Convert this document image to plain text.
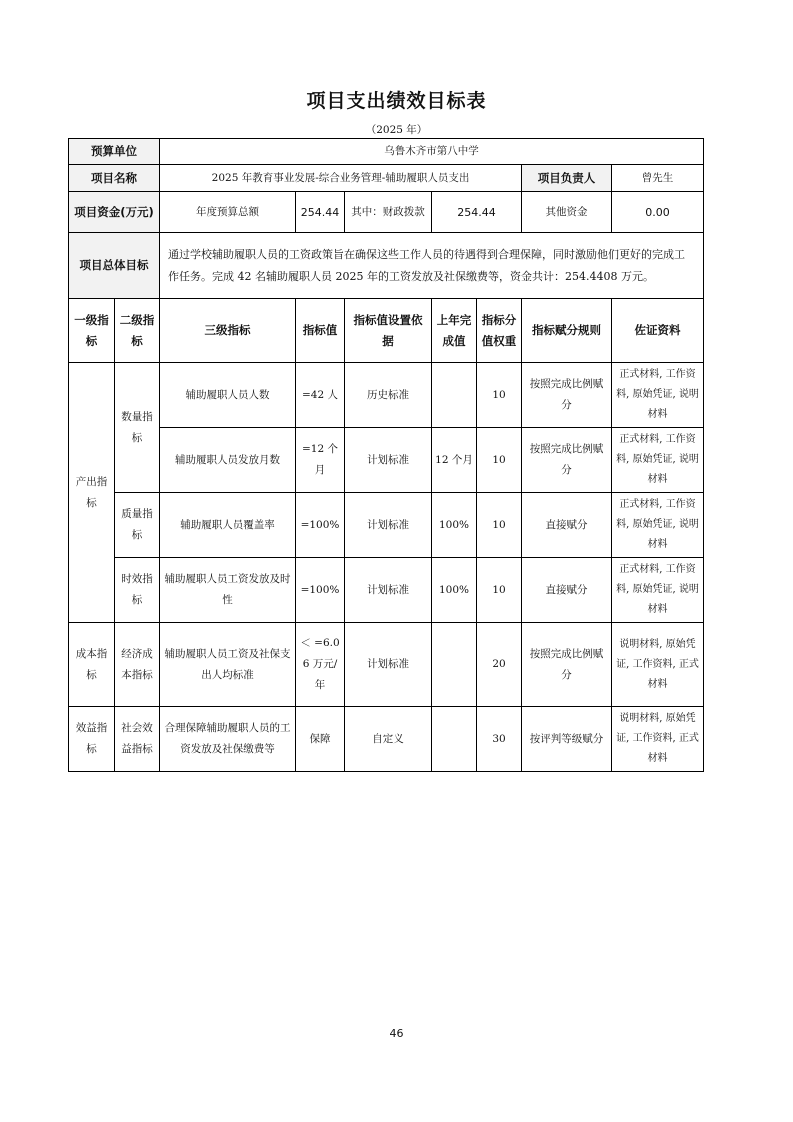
项目支出绩效目标表
（2025 年）
预算单位		乌鲁木齐市第八中学						
项目名称		2025 年教育事业发展-综合业务管理-辅助履职人员支出					项目负责人	曾先生
项目资金(万元)		年度预算总额	254.44	其中：财政拨款	254.44		其他资金	0.00
项目总体目标		通过学校辅助履职人员的工资政策旨在确保这些工作人员的待遇得到合理保障，同时激励他们更好的完成工作任务。完成 42 名辅助履职人员 2025 年的工资发放及社保缴费等，资金共计：254.4408 万元。						
一级指标	二级指标	三级指标	指标值	指标值设置依据	上年完成值	指标分值权重	指标赋分规则	佐证资料
产出指标	数量指标	辅助履职人员人数	=42 人	历史标准		10	按照完成比例赋分	正式材料, 工作资料, 原始凭证, 说明材料
		辅助履职人员发放月数	=12 个月	计划标准	12 个月	10	按照完成比例赋分	正式材料, 工作资料, 原始凭证, 说明材料
	质量指标	辅助履职人员覆盖率	=100%	计划标准	100%	10	直接赋分	正式材料, 工作资料, 原始凭证, 说明材料
	时效指标	辅助履职人员工资发放及时性	=100%	计划标准	100%	10	直接赋分	正式材料, 工作资料, 原始凭证, 说明材料
成本指标	经济成本指标	辅助履职人员工资及社保支出人均标准	＜ =6.06 万元/年	计划标准		20	按照完成比例赋分	说明材料, 原始凭证, 工作资料, 正式材料
效益指标	社会效益指标	合理保障辅助履职人员的工资发放及社保缴费等	保障	自定义		30	按评判等级赋分	说明材料, 原始凭证, 工作资料, 正式材料
46
